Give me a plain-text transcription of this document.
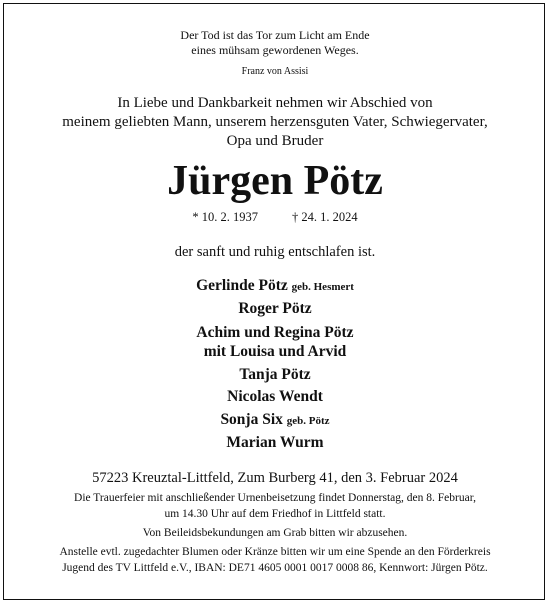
Der Tod ist das Tor zum Licht am Ende
eines mühsam gewordenen Weges.
Franz von Assisi
In Liebe und Dankbarkeit nehmen wir Abschied von
meinem geliebten Mann, unserem herzensguten Vater, Schwiegervater,
Opa und Bruder
Jürgen Pötz
* 10. 2. 1937	† 24. 1. 2024
der sanft und ruhig entschlafen ist.
Gerlinde Pötz geb. Hesmert
Roger Pötz
Achim und Regina Pötz
mit Louisa und Arvid
Tanja Pötz
Nicolas Wendt
Sonja Six geb. Pötz
Marian Wurm
57223 Kreuztal-Littfeld, Zum Burberg 41, den 3. Februar 2024
Die Trauerfeier mit anschließender Urnenbeisetzung findet Donnerstag, den 8. Februar,
um 14.30 Uhr auf dem Friedhof in Littfeld statt.
Von Beileidsbekundungen am Grab bitten wir abzusehen.
Anstelle evtl. zugedachter Blumen oder Kränze bitten wir um eine Spende an den Förderkreis
Jugend des TV Littfeld e.V., IBAN: DE71 4605 0001 0017 0008 86, Kennwort: Jürgen Pötz.
